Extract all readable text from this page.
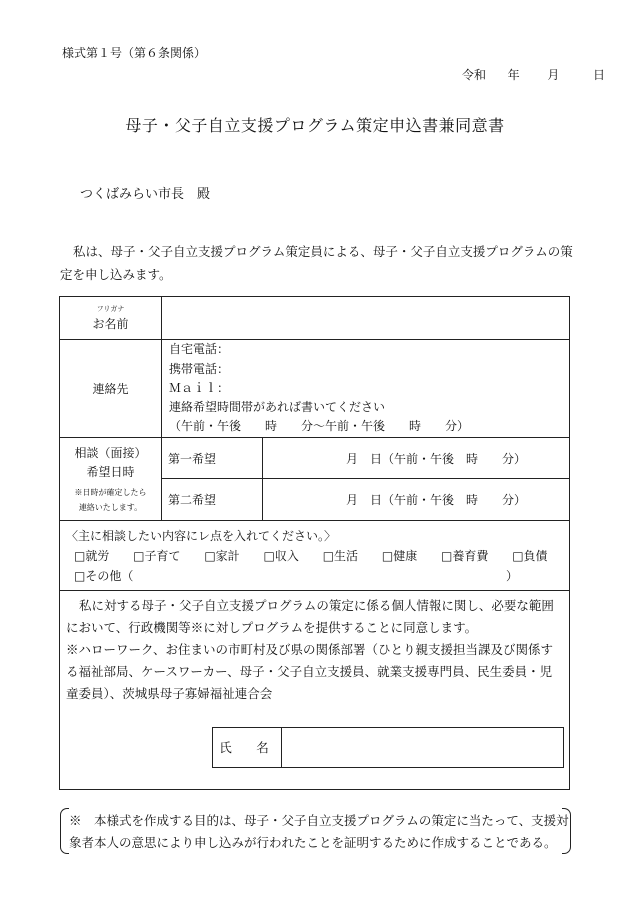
様式第１号（第６条関係）
令和 年 月	日
母子・父子自立支援プログラム策定申込書兼同意書
つくばみらい市長　殿
私は、母子・父子自立支援プログラム策定員による、母子・父子自立支援プログラムの策定を申し込みます。
フリガナ
お名前		
連絡先	自宅電話：
携帯電話：
Ｍａｉｌ：
連絡希望時間帯があれば書いてください
（午前・午後　　時　　分～午前・午後　　時　　分）	

相談（面接）
希望日時
※日時が確定したら
連絡いたします。	第一希望	月　日（午前・午後　時　　分）
	第二希望	月　日（午前・午後　時　　分）
〈主に相談したい内容にレ点を入れてください。〉
□就労 □子育て □家計 □収入 □生活 □健康 □養育費 □負債
□その他（	）
私に対する母子・父子自立支援プログラムの策定に係る個人情報に関し、必要な範囲において、行政機関等※に対しプログラムを提供することに同意します。
※ハローワーク、お住まいの市町村及び県の関係部署（ひとり親支援担当課及び関係する福祉部局、ケースワーカー、母子・父子自立支援員、就業支援専門員、民生委員・児童委員）、茨城県母子寡婦福祉連合会
氏　名
※　本様式を作成する目的は、母子・父子自立支援プログラムの策定に当たって、支援対象者本人の意思により申し込みが行われたことを証明するために作成することである。
